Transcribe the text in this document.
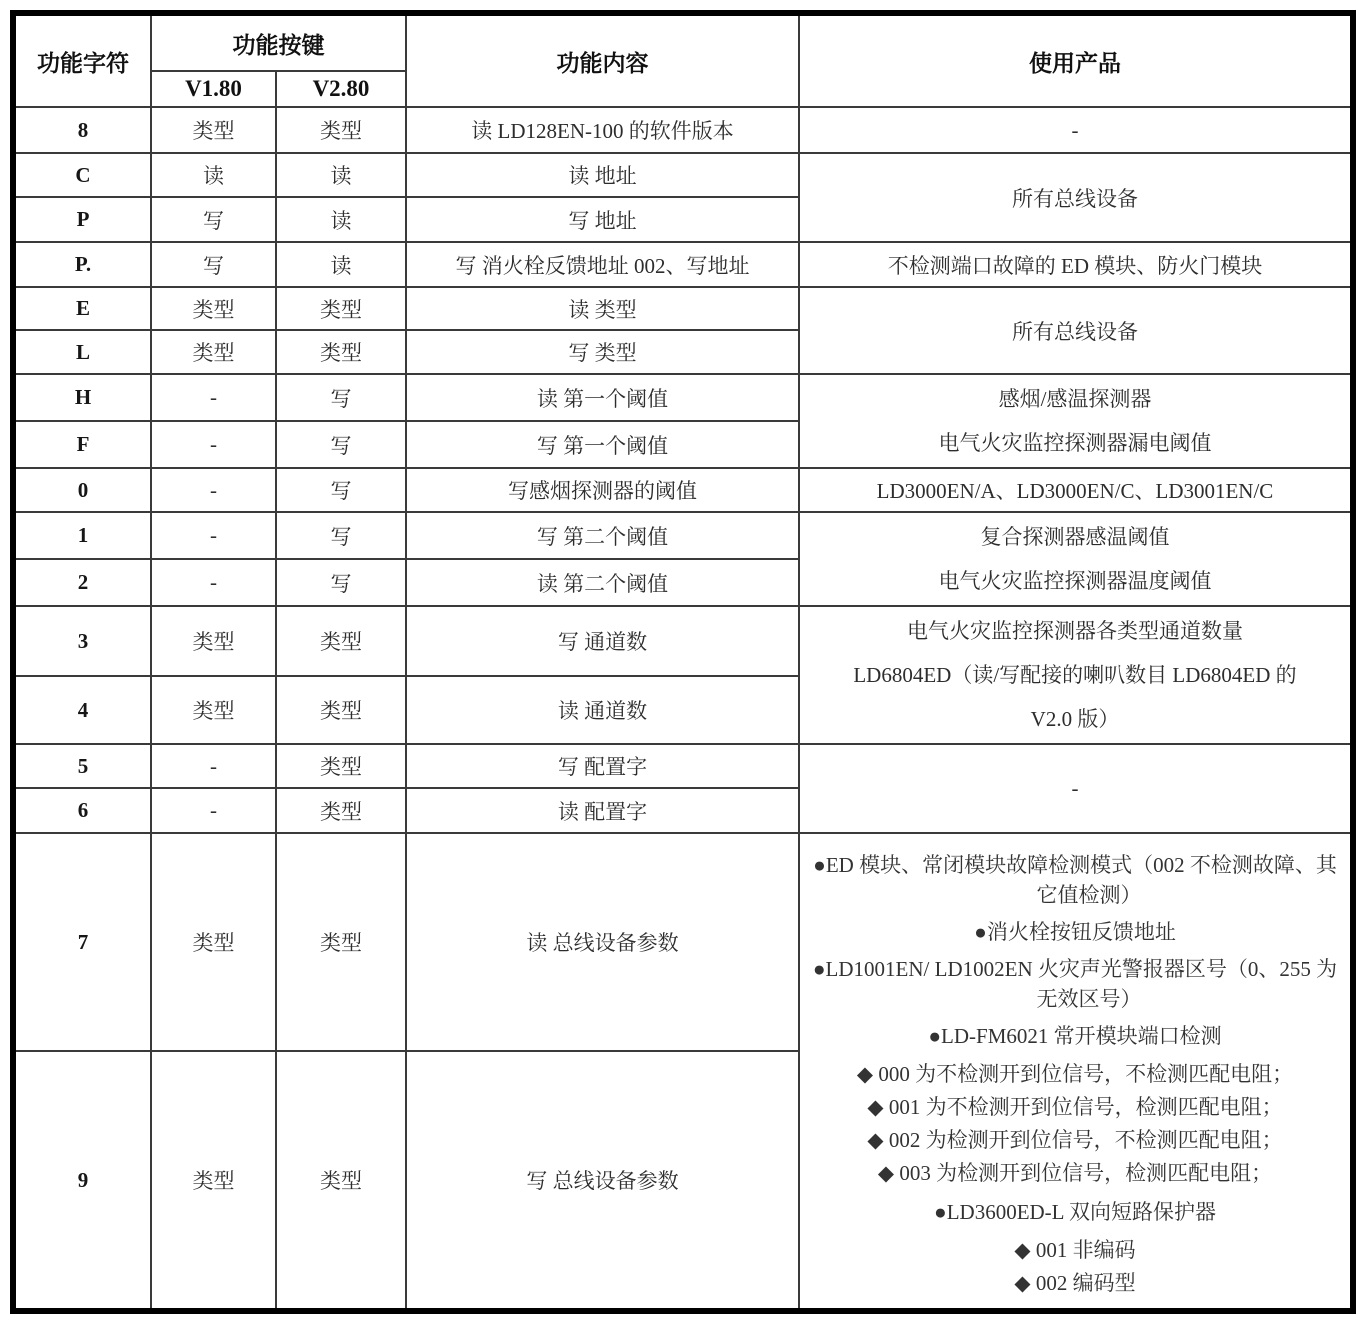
功能字符	功能按键		功能内容	使用产品
	V1.80	V2.80		
8	类型	类型	读 LD128EN-100 的软件版本	-
C	读	读	读 地址	所有总线设备
P	写	读	写 地址	
P.	写	读	写 消火栓反馈地址 002、写地址	不检测端口故障的 ED 模块、防火门模块
E	类型	类型	读 类型	所有总线设备
L	类型	类型	写 类型	
H	-	写	读 第一个阈值	感烟/感温探测器
电气火灾监控探测器漏电阈值

F	-	写	写 第一个阈值	
0	-	写	写感烟探测器的阈值	LD3000EN/A、LD3000EN/C、LD3001EN/C
1	-	写	写 第二个阈值	复合探测器感温阈值
电气火灾监控探测器温度阈值

2	-	写	读 第二个阈值	
3	类型	类型	写 通道数	电气火灾监控探测器各类型通道数量
LD6804ED（读/写配接的喇叭数目 LD6804ED 的
V2.0 版）

4	类型	类型	读 通道数	
5	-	类型	写 配置字	-
6	-	类型	读 配置字	
7	类型	类型	读 总线设备参数	
●ED 模块、常闭模块故障检测模式（002 不检测故障、其它值检测）
●消火栓按钮反馈地址
●LD1001EN/ LD1002EN 火灾声光警报器区号（0、255 为无效区号）
●LD-FM6021 常开模块端口检测
◆ 000 为不检测开到位信号，不检测匹配电阻；
◆ 001 为不检测开到位信号，检测匹配电阻；
◆ 002 为检测开到位信号，不检测匹配电阻；
◆ 003 为检测开到位信号，检测匹配电阻；
●LD3600ED-L 双向短路保护器
◆ 001 非编码
◆ 002 编码型

9	类型	类型	写 总线设备参数	
